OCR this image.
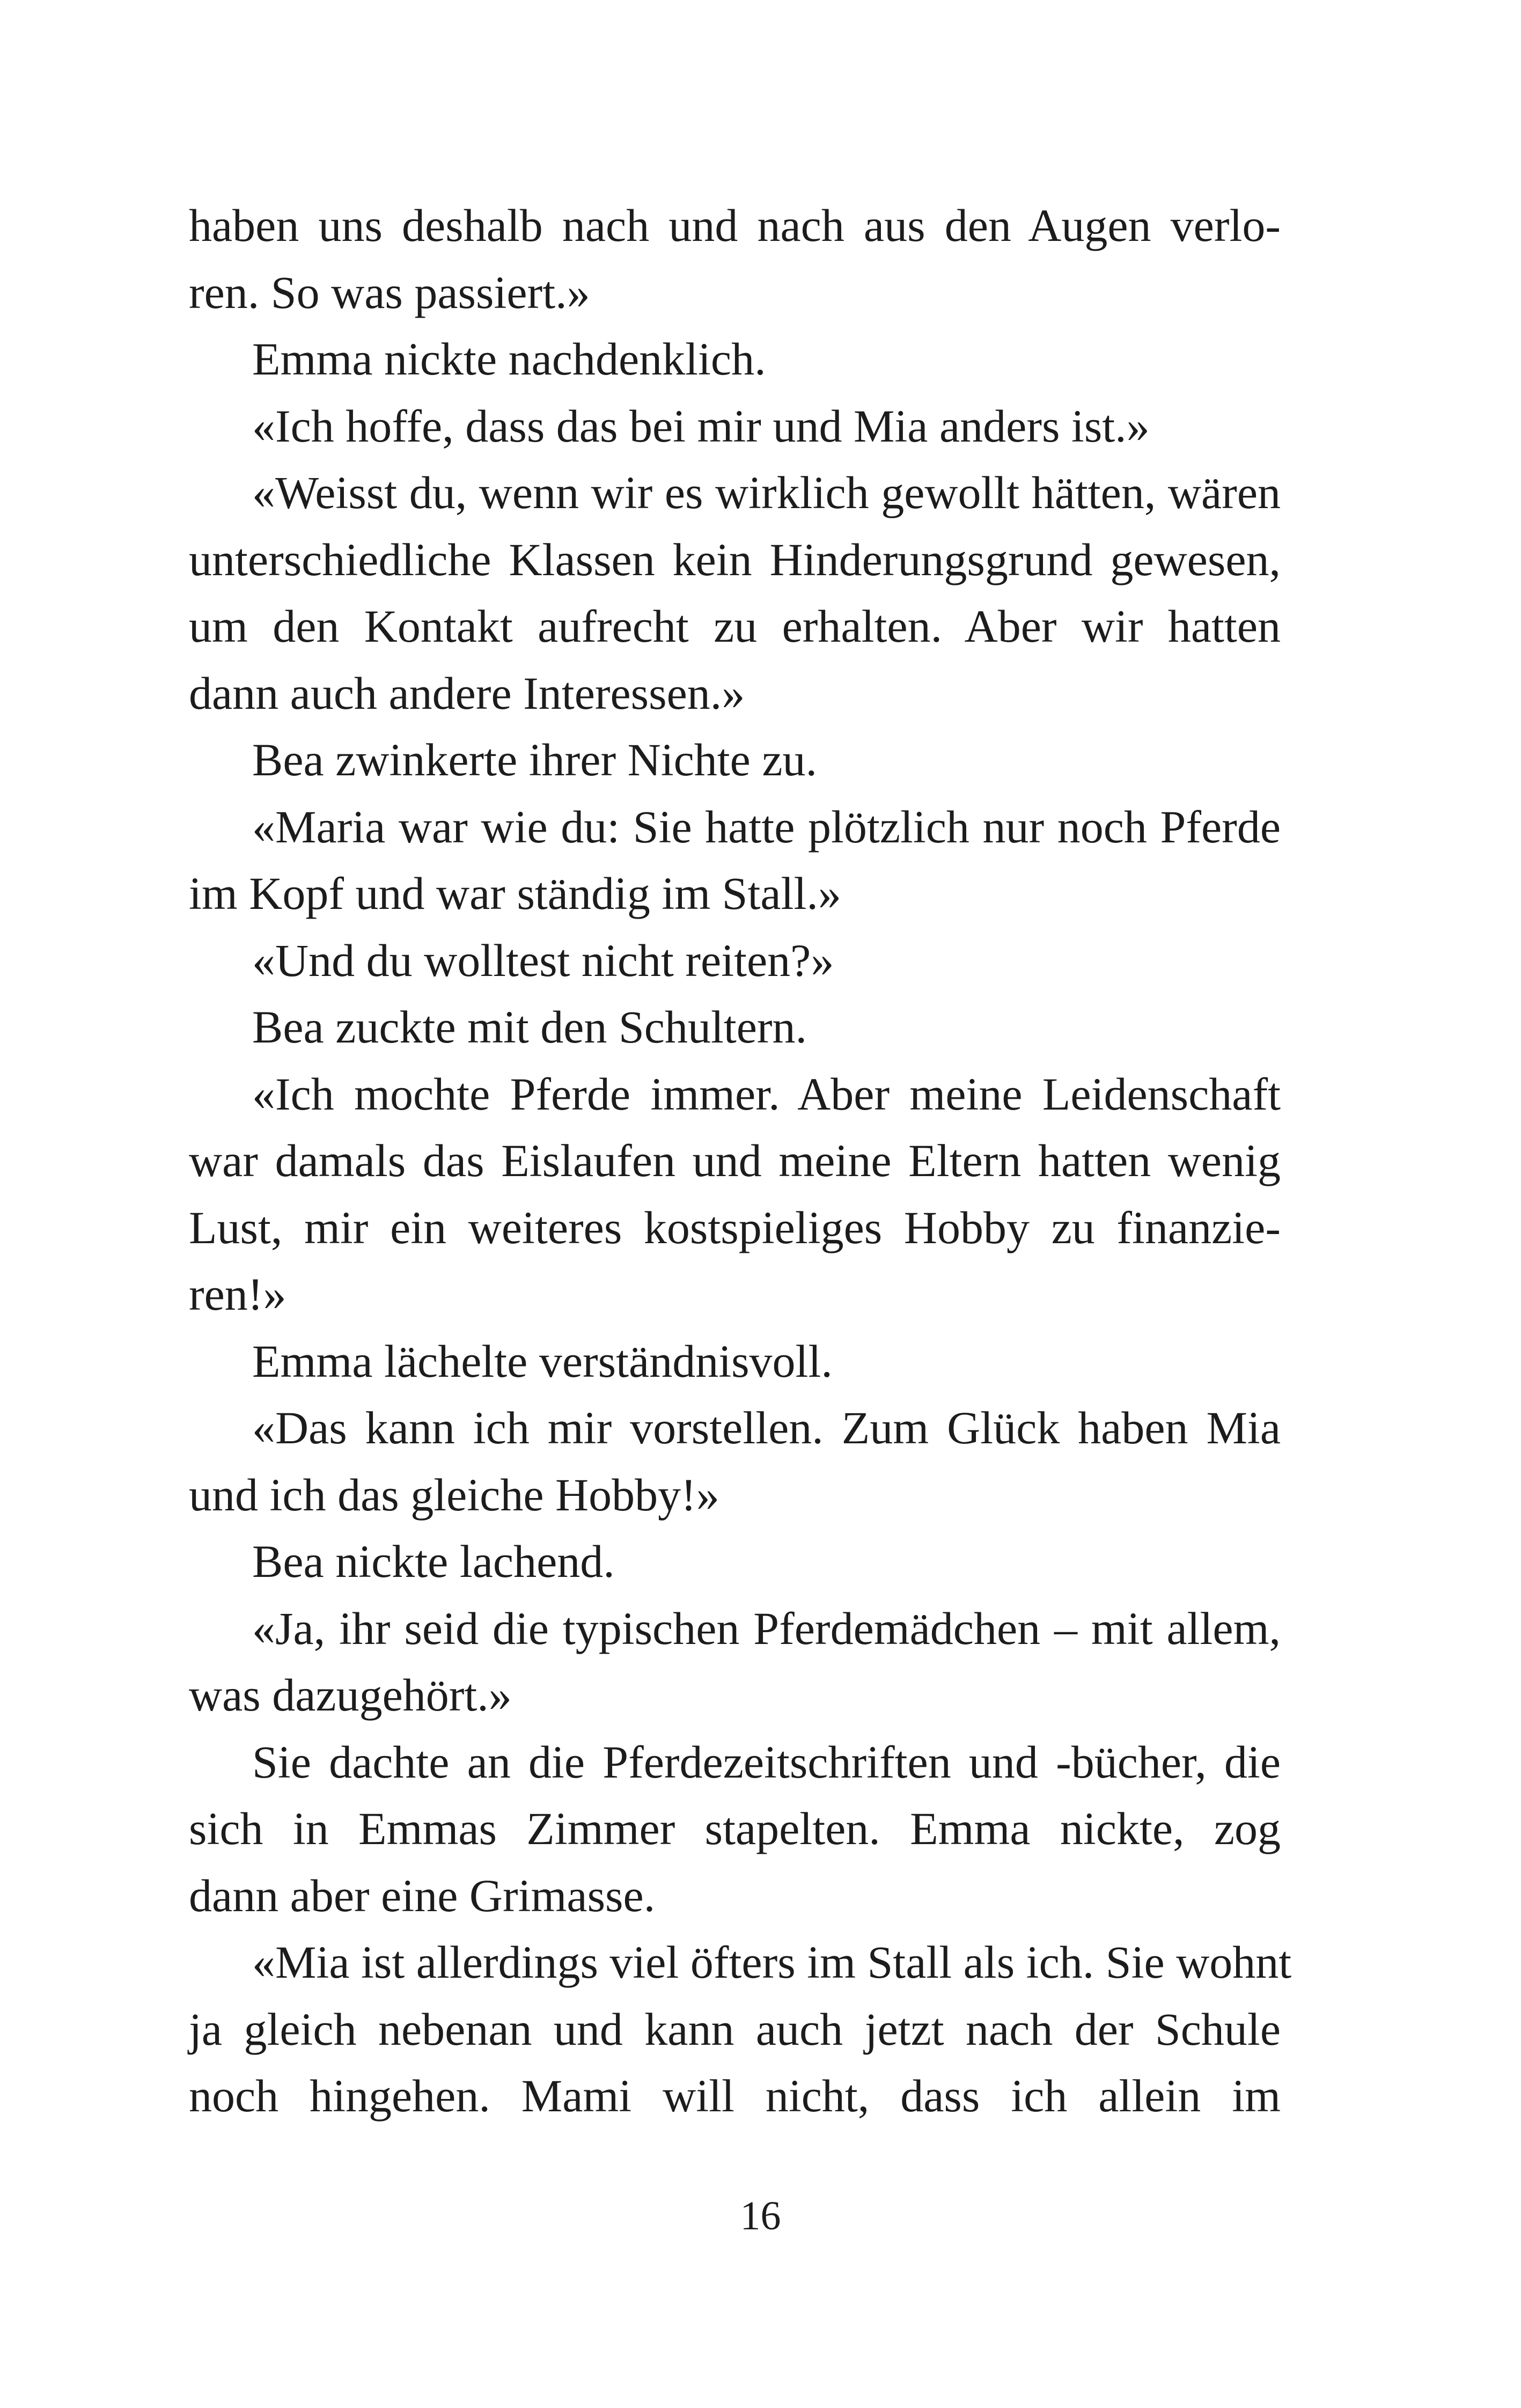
haben uns deshalb nach und nach aus den Augen verlo-
ren. So was passiert.»
Emma nickte nachdenklich.
«Ich hoffe, dass das bei mir und Mia anders ist.»
«Weisst du, wenn wir es wirklich gewollt hätten, wären
unterschiedliche Klassen kein Hinderungsgrund gewesen,
um den Kontakt aufrecht zu erhalten. Aber wir hatten
dann auch andere Interessen.»
Bea zwinkerte ihrer Nichte zu.
«Maria war wie du: Sie hatte plötzlich nur noch Pferde
im Kopf und war ständig im Stall.»
«Und du wolltest nicht reiten?»
Bea zuckte mit den Schultern.
«Ich mochte Pferde immer. Aber meine Leidenschaft
war damals das Eislaufen und meine Eltern hatten wenig
Lust, mir ein weiteres kostspieliges Hobby zu finanzie-
ren!»
Emma lächelte verständnisvoll.
«Das kann ich mir vorstellen. Zum Glück haben Mia
und ich das gleiche Hobby!»
Bea nickte lachend.
«Ja, ihr seid die typischen Pferdemädchen – mit allem,
was dazugehört.»
Sie dachte an die Pferdezeitschriften und -bücher, die
sich in Emmas Zimmer stapelten. Emma nickte, zog
dann aber eine Grimasse.
«Mia ist allerdings viel öfters im Stall als ich. Sie wohnt
ja gleich nebenan und kann auch jetzt nach der Schule
noch hingehen. Mami will nicht, dass ich allein im
16
